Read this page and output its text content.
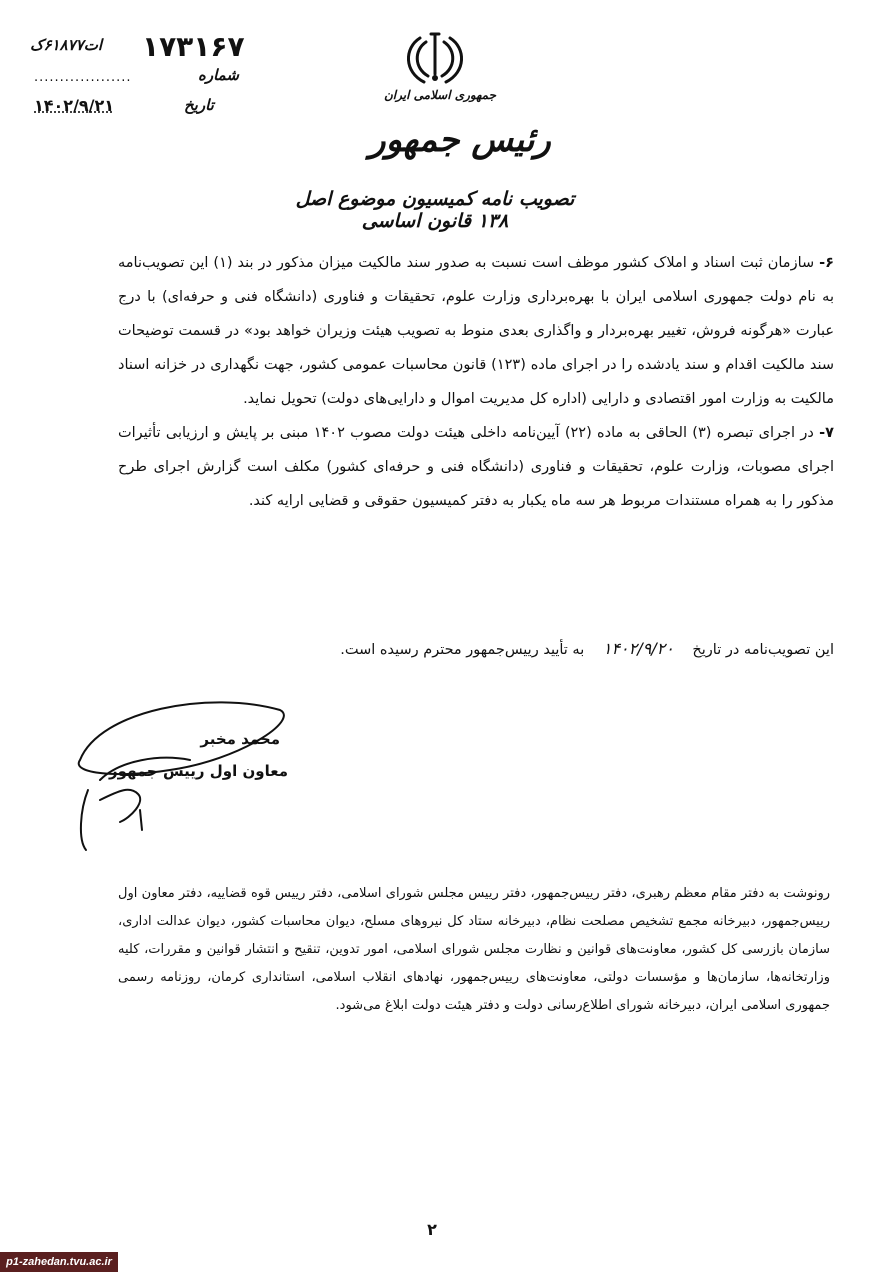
ات۶۱۸۷۷ک ۱۷۳۱۶۷
...................	شماره
۱۴۰۲/۹/۲۱	تاریخ
جمهوری اسلامی ایران
رئیس جمهور
تصویب نامه کمیسیون موضوع اصل ۱۳۸ قانون اساسی

۶- سازمان ثبت اسناد و املاک کشور موظف است نسبت به صدور سند مالکیت میزان مذکور در بند (۱) این تصویب‌نامه به نام دولت جمهوری اسلامی ایران با بهره‌برداری وزارت علوم، تحقیقات و فناوری (دانشگاه فنی و حرفه‌ای) با درج عبارت «هرگونه فروش، تغییر بهره‌بردار و واگذاری بعدی منوط به تصویب هیئت وزیران خواهد بود» در قسمت توضیحات سند مالکیت اقدام و سند یادشده را در اجرای ماده (۱۲۳) قانون محاسبات عمومی کشور، جهت نگهداری در خزانه اسناد مالکیت به وزارت امور اقتصادی و دارایی (اداره کل مدیریت اموال و دارایی‌های دولت) تحویل نماید.

۷- در اجرای تبصره (۳) الحاقی به ماده (۲۲) آیین‌نامه داخلی هیئت دولت مصوب ۱۴۰۲ مبنی بر پایش و ارزیابی تأثیرات اجرای مصوبات، وزارت علوم، تحقیقات و فناوری (دانشگاه فنی و حرفه‌ای کشور) مکلف است گزارش اجرای طرح مذکور را به همراه مستندات مربوط هر سه ماه یکبار به دفتر کمیسیون حقوقی و قضایی ارایه کند.

این تصویب‌نامه در تاریخ ۱۴۰۲/۹/۲۰ به تأیید رییس‌جمهور محترم رسیده است.
محمد مخبر
معاون اول رییس جمهور

رونوشت به دفتر مقام معظم رهبری، دفتر رییس‌جمهور، دفتر رییس مجلس شورای اسلامی، دفتر رییس قوه قضاییه، دفتر معاون اول رییس‌جمهور، دبیرخانه مجمع تشخیص مصلحت نظام، دبیرخانه ستاد کل نیروهای مسلح، دیوان محاسبات کشور، دیوان عدالت اداری، سازمان بازرسی کل کشور، معاونت‌های قوانین و نظارت مجلس شورای اسلامی، امور تدوین، تنقیح و انتشار قوانین و مقررات، کلیه وزارتخانه‌ها، سازمان‌ها و مؤسسات دولتی، معاونت‌های رییس‌جمهور، نهادهای انقلاب اسلامی، استانداری کرمان، روزنامه رسمی جمهوری اسلامی ایران، دبیرخانه شورای اطلاع‌رسانی دولت و دفتر هیئت دولت ابلاغ می‌شود.

۲
p1-zahedan.tvu.ac.ir
